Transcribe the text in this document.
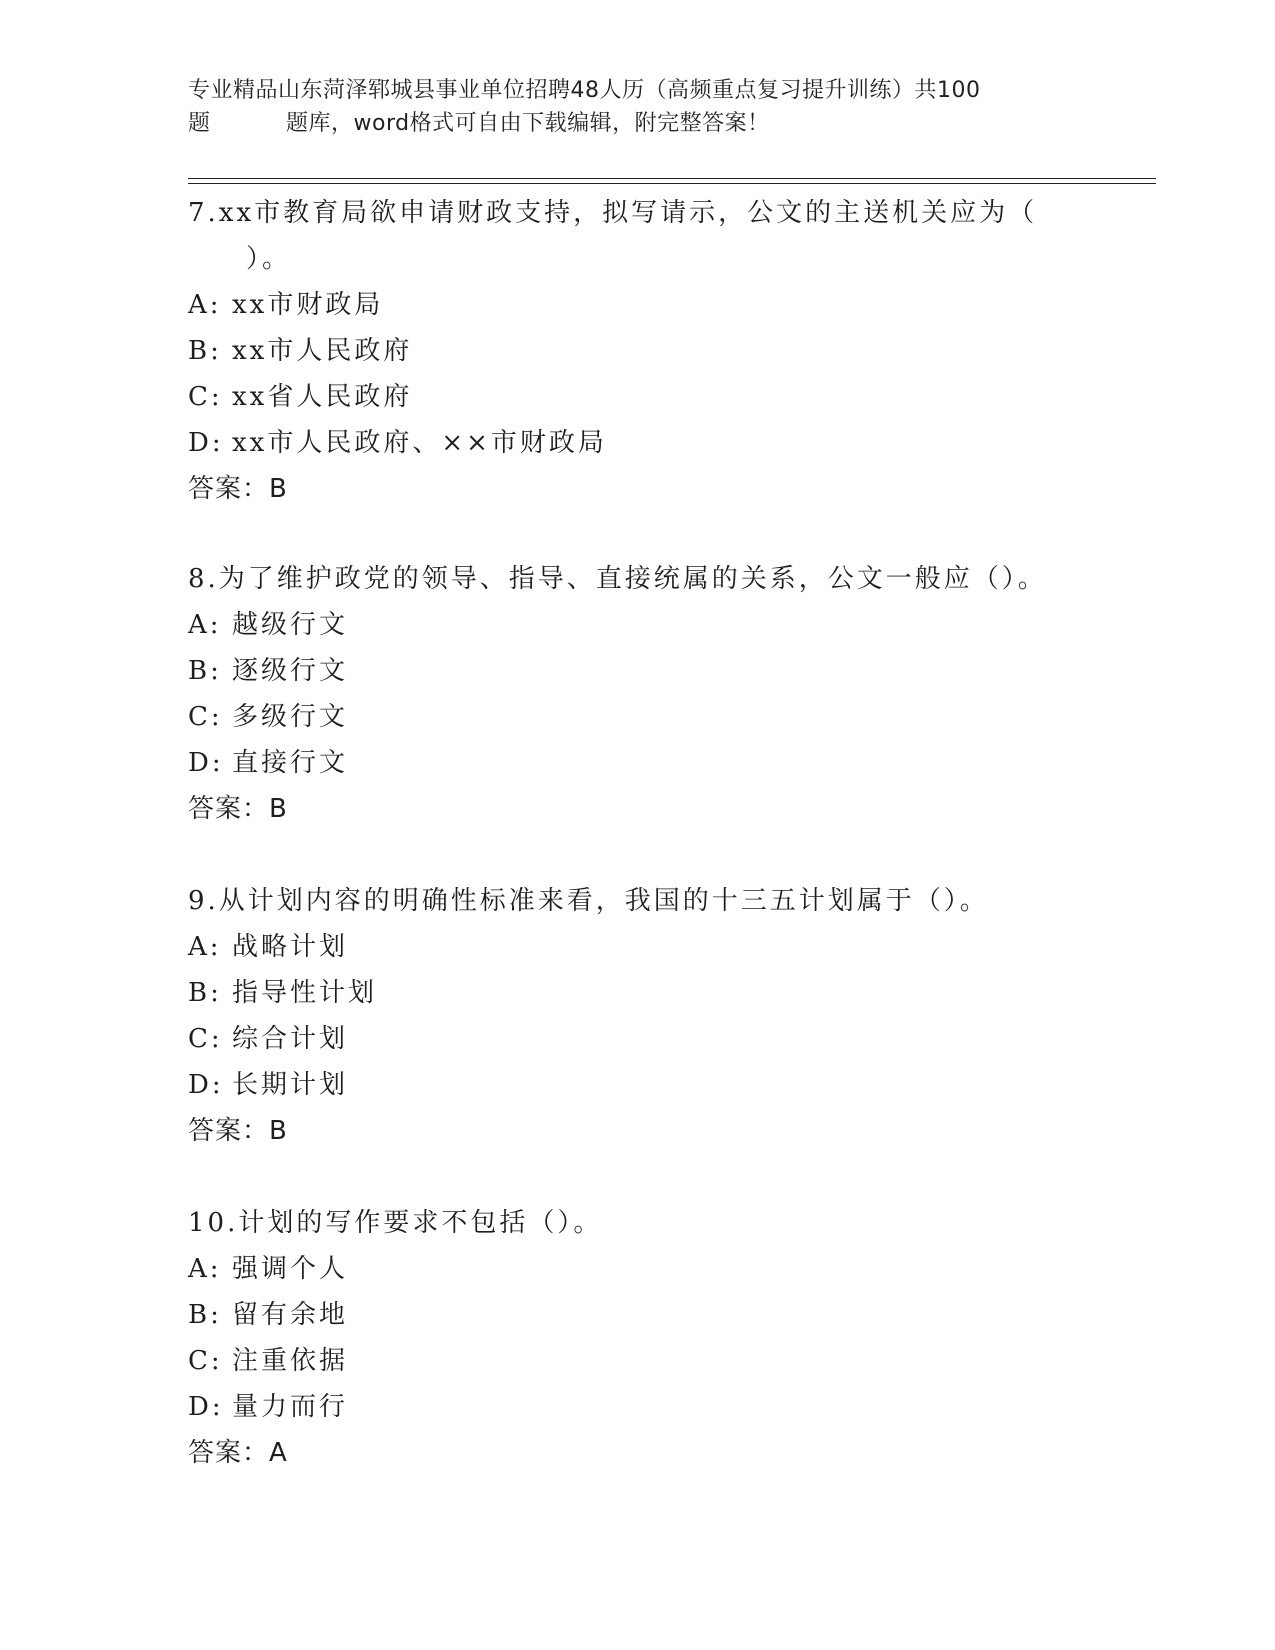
专业精品山东菏泽郓城县事业单位招聘48人历（高频重点复习提升训练）共100
题	题库，word格式可自由下载编辑，附完整答案！
7.xx市教育局欲申请财政支持，拟写请示，公文的主送机关应为（
）。
A: xx市财政局
B: xx市人民政府
C: xx省人民政府
D: xx市人民政府、××市财政局
答案：B
8.为了维护政党的领导、指导、直接统属的关系，公文一般应（）。
A: 越级行文
B: 逐级行文
C: 多级行文
D: 直接行文
答案：B
9.从计划内容的明确性标准来看，我国的十三五计划属于（）。
A: 战略计划
B: 指导性计划
C: 综合计划
D: 长期计划
答案：B
10.计划的写作要求不包括（）。
A: 强调个人
B: 留有余地
C: 注重依据
D: 量力而行
答案：A
